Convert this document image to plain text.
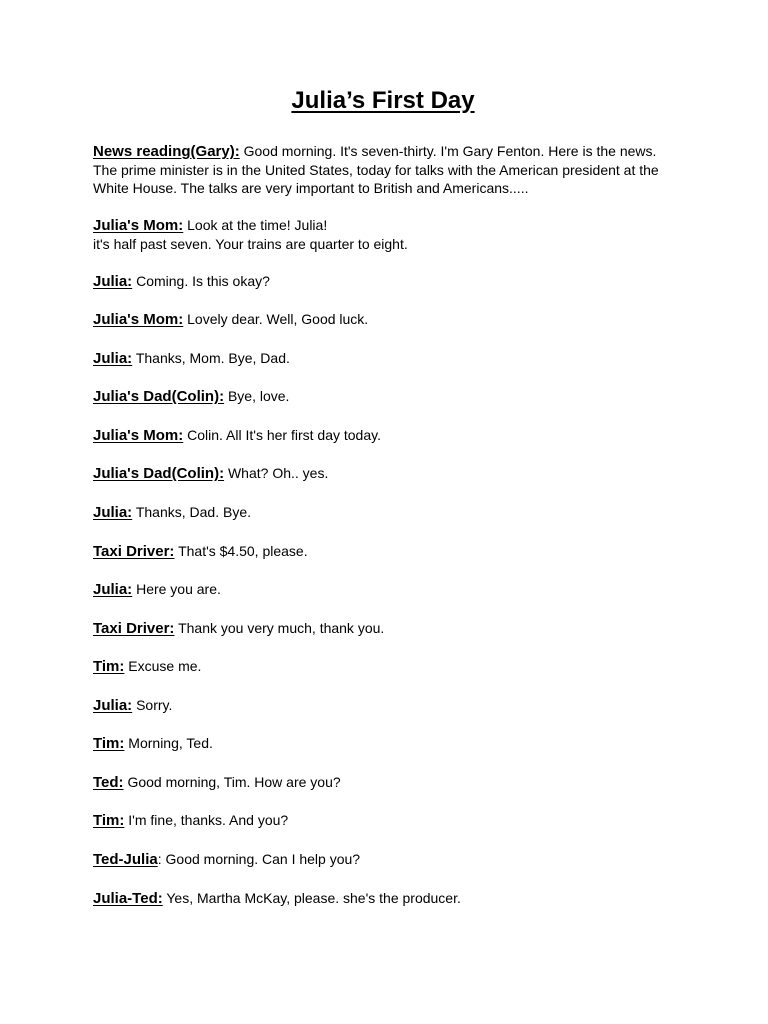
Julia’s First Day

News reading(Gary): Good morning. It's seven-thirty. I'm Gary Fenton. Here is the news. The prime minister is in the United States, today for talks with the American president at the White House. The talks are very important to British and Americans.....

Julia's Mom: Look at the time! Julia!
it's half past seven. Your trains are quarter to eight.

Julia: Coming. Is this okay?

Julia's Mom: Lovely dear. Well, Good luck.

Julia: Thanks, Mom. Bye, Dad.

Julia's Dad(Colin): Bye, love.

Julia's Mom: Colin. All It's her first day today.

Julia's Dad(Colin): What? Oh.. yes.

Julia: Thanks, Dad. Bye.

Taxi Driver: That's $4.50, please.

Julia: Here you are.

Taxi Driver: Thank you very much, thank you.

Tim: Excuse me.

Julia: Sorry.

Tim: Morning, Ted.

Ted: Good morning, Tim. How are you?

Tim: I'm fine, thanks. And you?

Ted-Julia: Good morning. Can I help you?

Julia-Ted: Yes, Martha McKay, please. she's the producer.
